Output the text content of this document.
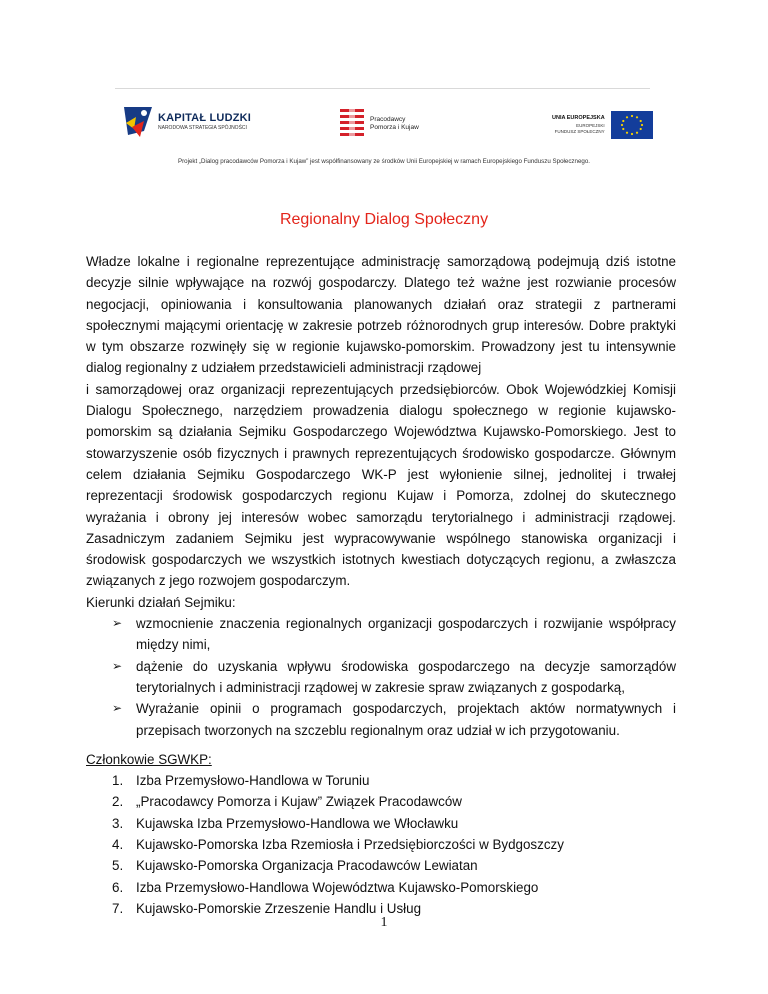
KAPITAŁ LUDZKI
NARODOWA STRATEGIA SPÓJNOŚCI
Pracodawcy
Pomorza i Kujaw
UNIA EUROPEJSKA
EUROPEJSKI
FUNDUSZ SPOŁECZNY
Projekt „Dialog pracodawców Pomorza i Kujaw” jest współfinansowany ze środków Unii Europejskiej w ramach Europejskiego Funduszu Społecznego.
Regionalny Dialog Społeczny

Władze lokalne i regionalne reprezentujące administrację samorządową podejmują dziś istotne decyzje silnie wpływające na rozwój gospodarczy. Dlatego też ważne jest rozwianie procesów negocjacji, opiniowania i konsultowania planowanych działań oraz strategii z partnerami społecznymi mającymi orientację w zakresie potrzeb różnorodnych grup interesów. Dobre praktyki w tym obszarze rozwinęły się w regionie kujawsko-pomorskim. Prowadzony jest tu intensywnie dialog regionalny z udziałem przedstawicieli administracji rządowej

i samorządowej oraz organizacji reprezentujących przedsiębiorców. Obok Wojewódzkiej Komisji Dialogu Społecznego, narzędziem prowadzenia dialogu społecznego w regionie kujawsko-pomorskim są działania Sejmiku Gospodarczego Województwa Kujawsko-Pomorskiego. Jest to stowarzyszenie osób fizycznych i prawnych reprezentujących środowisko gospodarcze. Głównym celem działania Sejmiku Gospodarczego WK-P jest wyłonienie silnej, jednolitej i trwałej reprezentacji środowisk gospodarczych regionu Kujaw i Pomorza, zdolnej do skutecznego wyrażania i obrony jej interesów wobec samorządu terytorialnego i administracji rządowej. Zasadniczym zadaniem Sejmiku jest wypracowywanie wspólnego stanowiska organizacji i środowisk gospodarczych we wszystkich istotnych kwestiach dotyczących regionu, a zwłaszcza związanych z jego rozwojem gospodarczym.

Kierunki działań Sejmiku:

➢ wzmocnienie znaczenia regionalnych organizacji gospodarczych i rozwijanie współpracy między nimi,
➢ dążenie do uzyskania wpływu środowiska gospodarczego na decyzje samorządów terytorialnych i administracji rządowej w zakresie spraw związanych z gospodarką,
➢ Wyrażanie opinii o programach gospodarczych, projektach aktów normatywnych i przepisach tworzonych na szczeblu regionalnym oraz udział w ich przygotowaniu.

Członkowie SGWKP:

1. Izba Przemysłowo-Handlowa w Toruniu
2. „Pracodawcy Pomorza i Kujaw” Związek Pracodawców
3. Kujawska Izba Przemysłowo-Handlowa we Włocławku
4. Kujawsko-Pomorska Izba Rzemiosła i Przedsiębiorczości w Bydgoszczy
5. Kujawsko-Pomorska Organizacja Pracodawców Lewiatan
6. Izba Przemysłowo-Handlowa Województwa Kujawsko-Pomorskiego
7. Kujawsko-Pomorskie Zrzeszenie Handlu i Usług
1
